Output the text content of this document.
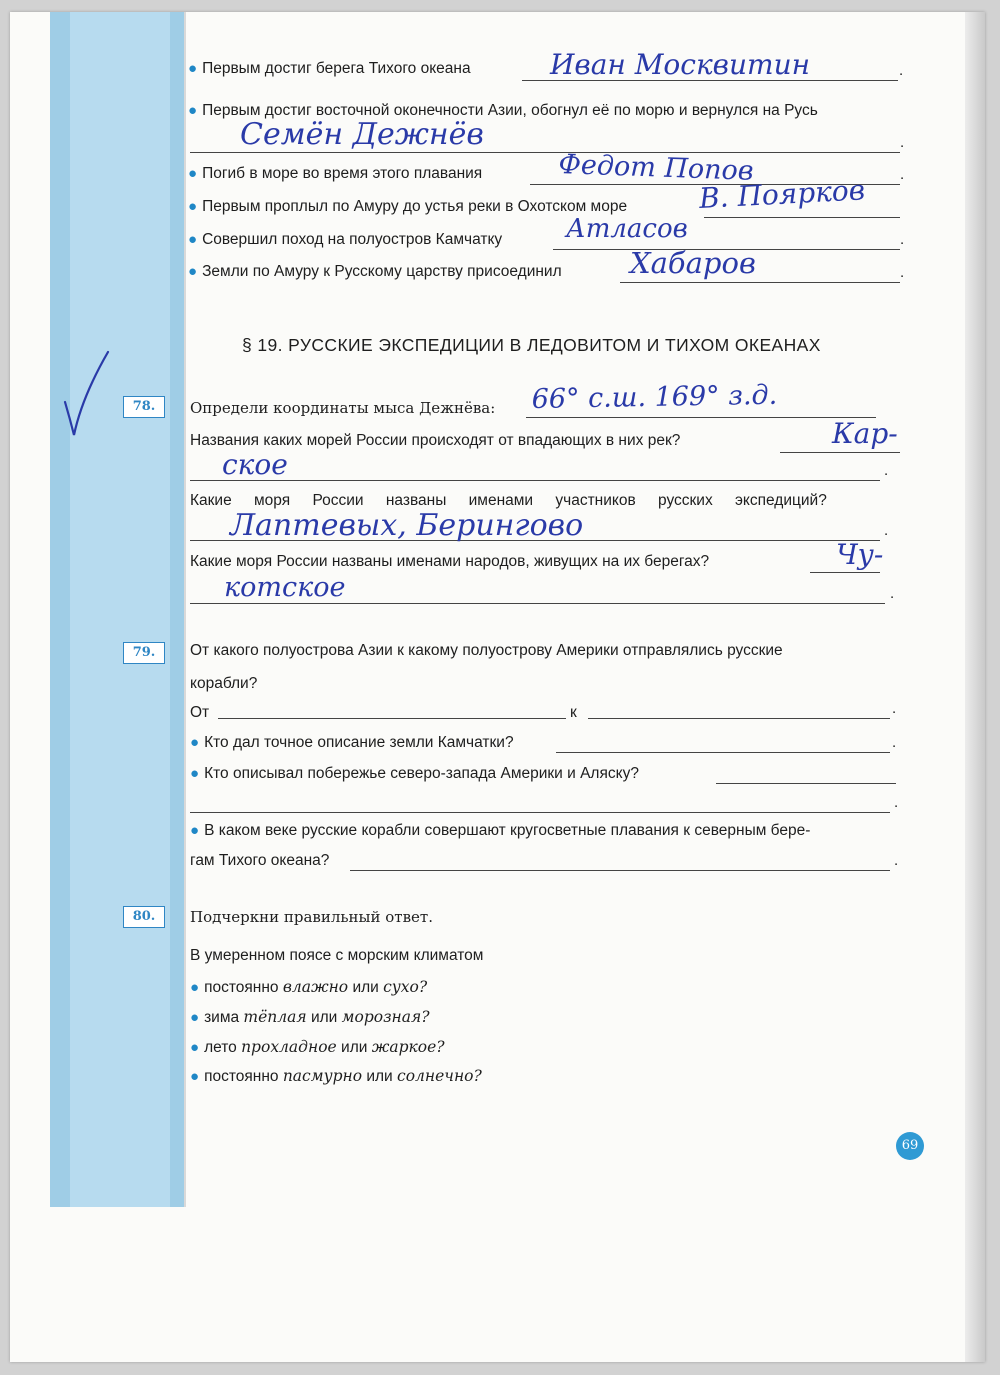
● Первым достиг берега Тихого океана	.
Иван Москвитин
● Первым достиг восточной оконечности Азии, обогнул её по морю и вернулся на Русь
.
Семён Дежнёв
● Погиб в море во время этого плавания	.
Федот Попов
● Первым проплыл по Амуру до устья реки в Охотском море	В. Поярков
● Совершил поход на полуостров Камчатку	.
Атласов
● Земли по Амуру к Русскому царству присоединил	.
Хабаров
§ 19. РУССКИЕ ЭКСПЕДИЦИИ В ЛЕДОВИТОМ И ТИХОМ ОКЕАНАХ
78.	Определи координаты мыса Дежнёва: 66° с.ш. 169° з.д.
Названия каких морей России происходят от впадающих в них рек?	Кар-
.
ское
Какие моря России названы именами участников русских экспедиций?
.
Лаптевых, Берингово
Какие моря России названы именами народов, живущих на их берегах?	Чу-
.
котское
79.	От какого полуострова Азии к какому полуострову Америки отправлялись русские
корабли?
От	к	.
● Кто дал точное описание земли Камчатки?	.
● Кто описывал побережье северо-запада Америки и Аляску?
.
● В каком веке русские корабли совершают кругосветные плавания к северным бере-
гам Тихого океана?	.
80.	Подчеркни правильный ответ.
В умеренном поясе с морским климатом
● постоянно влажно или сухо?
● зима тёплая или морозная?
● лето прохладное или жаркое?
● постоянно пасмурно или солнечно?
69
